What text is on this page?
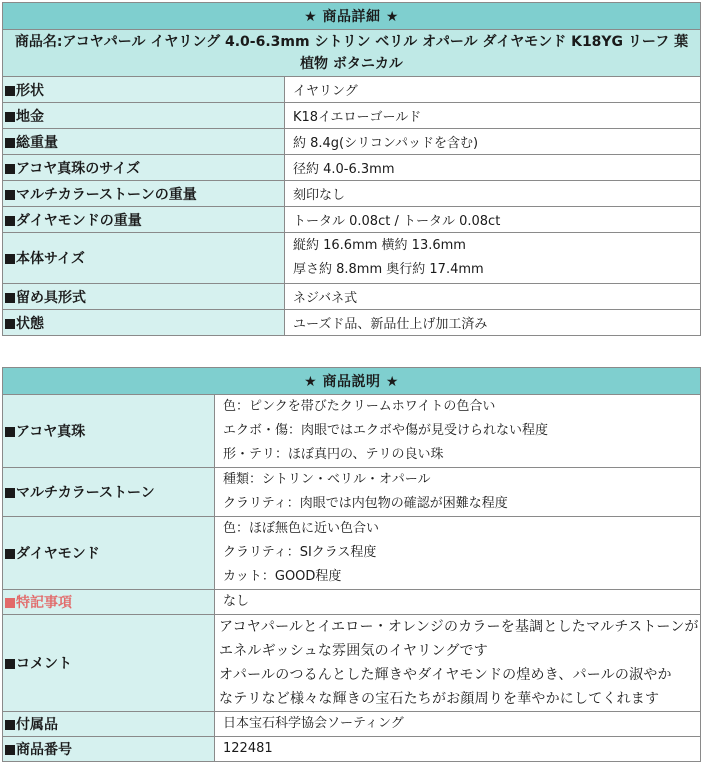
★ 商品詳細 ★	
商品名:アコヤパール イヤリング 4.0-6.3mm シトリン ベリル オパール ダイヤモンド K18YG リーフ 葉 植物 ボタニカル	
形状	イヤリング
地金	K18イエローゴールド
総重量	約 8.4g(シリコンパッドを含む)
アコヤ真珠のサイズ	径約 4.0-6.3mm
マルチカラーストーンの重量	刻印なし
ダイヤモンドの重量	トータル 0.08ct / トータル 0.08ct
本体サイズ	縦約 16.6mm 横約 13.6mm
厚さ約 8.8mm 奥行約 17.4mm

留め具形式	ネジバネ式
状態	ユーズド品、新品仕上げ加工済み
★ 商品説明 ★	
アコヤ真珠	色：ピンクを帯びたクリームホワイトの色合い
エクボ・傷：肉眼ではエクボや傷が見受けられない程度
形・テリ：ほぼ真円の、テリの良い珠

マルチカラーストーン	種類：シトリン・ベリル・オパール
クラリティ：肉眼では内包物の確認が困難な程度

ダイヤモンド	色：ほぼ無色に近い色合い
クラリティ：SIクラス程度
カット：GOOD程度

特記事項	なし
コメント	アコヤパールとイエロー・オレンジのカラーを基調としたマルチストーンが
エネルギッシュな雰囲気のイヤリングです
オパールのつるんとした輝きやダイヤモンドの煌めき、パールの淑やか
なテリなど様々な輝きの宝石たちがお顔周りを華やかにしてくれます

付属品	日本宝石科学協会ソーティング
商品番号	122481
